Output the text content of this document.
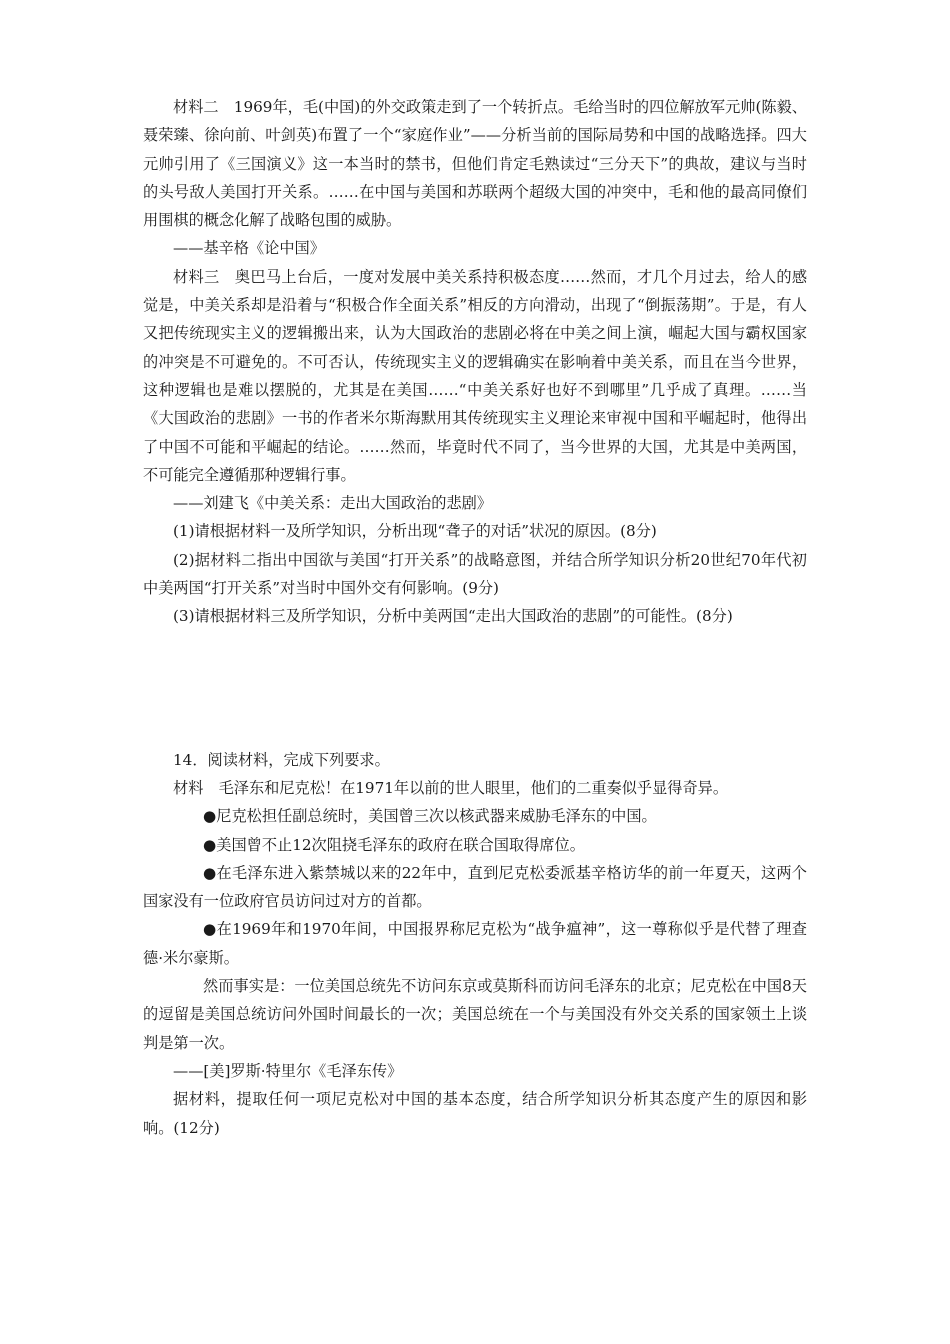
材料二　1969年，毛(中国)的外交政策走到了一个转折点。毛给当时的四位解放军元帅(陈毅、聂荣臻、徐向前、叶剑英)布置了一个“家庭作业”——分析当前的国际局势和中国的战略选择。四大元帅引用了《三国演义》这一本当时的禁书，但他们肯定毛熟读过“三分天下”的典故，建议与当时的头号敌人美国打开关系。……在中国与美国和苏联两个超级大国的冲突中，毛和他的最高同僚们用围棋的概念化解了战略包围的威胁。

——基辛格《论中国》

材料三　奥巴马上台后，一度对发展中美关系持积极态度……然而，才几个月过去，给人的感觉是，中美关系却是沿着与“积极合作全面关系”相反的方向滑动，出现了“倒振荡期”。于是，有人又把传统现实主义的逻辑搬出来，认为大国政治的悲剧必将在中美之间上演，崛起大国与霸权国家的冲突是不可避免的。不可否认，传统现实主义的逻辑确实在影响着中美关系，而且在当今世界，这种逻辑也是难以摆脱的，尤其是在美国……“中美关系好也好不到哪里”几乎成了真理。……当《大国政治的悲剧》一书的作者米尔斯海默用其传统现实主义理论来审视中国和平崛起时，他得出了中国不可能和平崛起的结论。……然而，毕竟时代不同了，当今世界的大国，尤其是中美两国，不可能完全遵循那种逻辑行事。

——刘建飞《中美关系：走出大国政治的悲剧》

(1)请根据材料一及所学知识，分析出现“聋子的对话”状况的原因。(8分)

(2)据材料二指出中国欲与美国“打开关系”的战略意图，并结合所学知识分析20世纪70年代初中美两国“打开关系”对当时中国外交有何影响。(9分)

(3)请根据材料三及所学知识，分析中美两国“走出大国政治的悲剧”的可能性。(8分)

14．阅读材料，完成下列要求。

材料　毛泽东和尼克松！在1971年以前的世人眼里，他们的二重奏似乎显得奇异。

●尼克松担任副总统时，美国曾三次以核武器来威胁毛泽东的中国。

●美国曾不止12次阻挠毛泽东的政府在联合国取得席位。

●在毛泽东进入紫禁城以来的22年中，直到尼克松委派基辛格访华的前一年夏天，这两个国家没有一位政府官员访问过对方的首都。

●在1969年和1970年间，中国报界称尼克松为“战争瘟神”，这一尊称似乎是代替了理查德·米尔豪斯。

然而事实是：一位美国总统先不访问东京或莫斯科而访问毛泽东的北京；尼克松在中国8天的逗留是美国总统访问外国时间最长的一次；美国总统在一个与美国没有外交关系的国家领土上谈判是第一次。

——[美]罗斯·特里尔《毛泽东传》

据材料，提取任何一项尼克松对中国的基本态度，结合所学知识分析其态度产生的原因和影响。(12分)
